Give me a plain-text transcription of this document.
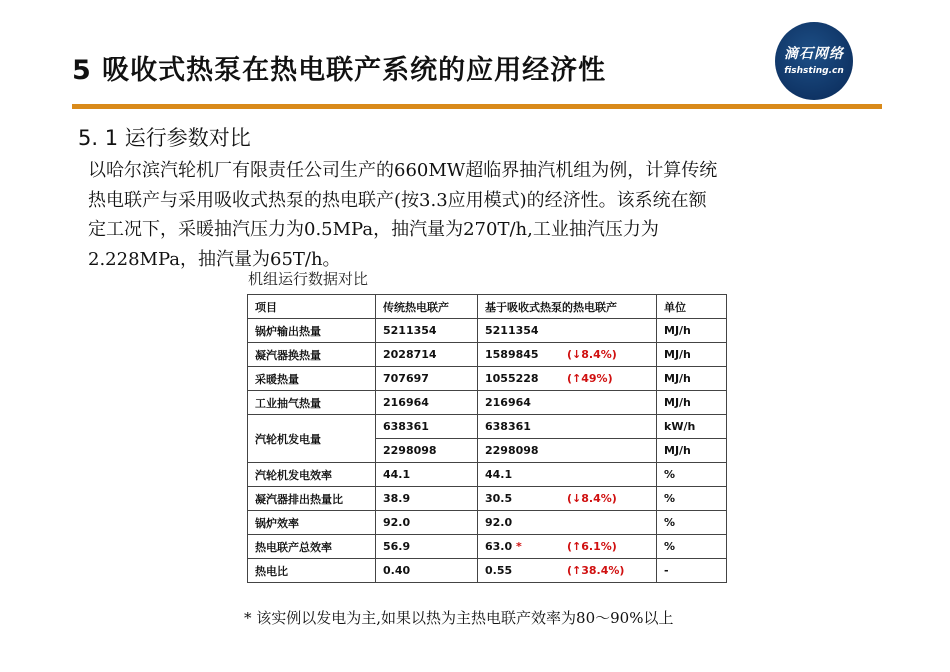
5 吸收式热泵在热电联产系统的应用经济性
滴石网络
fishsting.cn
5. 1 运行参数对比
以哈尔滨汽轮机厂有限责任公司生产的660MW超临界抽汽机组为例，计算传统
热电联产与采用吸收式热泵的热电联产(按3.3应用模式)的经济性。该系统在额
定工况下，采暖抽汽压力为0.5MPa，抽汽量为270T/h,工业抽汽压力为
2.228MPa，抽汽量为65T/h。
机组运行数据对比
项目	传统热电联产	基于吸收式热泵的热电联产	单位
锅炉输出热量	5211354	5211354	MJ/h
凝汽器换热量	2028714	1589845 (↓8.4%)	MJ/h
采暖热量	707697	1055228 (↑49%)	MJ/h
工业抽气热量	216964	216964	MJ/h
汽轮机发电量	638361	638361	kW/h
	2298098	2298098	MJ/h
汽轮机发电效率	44.1	44.1	%
凝汽器排出热量比	38.9	30.5 (↓8.4%)	%
锅炉效率	92.0	92.0	%
热电联产总效率	56.9	63.0 * (↑6.1%)	%
热电比	0.40	0.55 (↑38.4%)	-
* 该实例以发电为主,如果以热为主热电联产效率为80～90%以上
